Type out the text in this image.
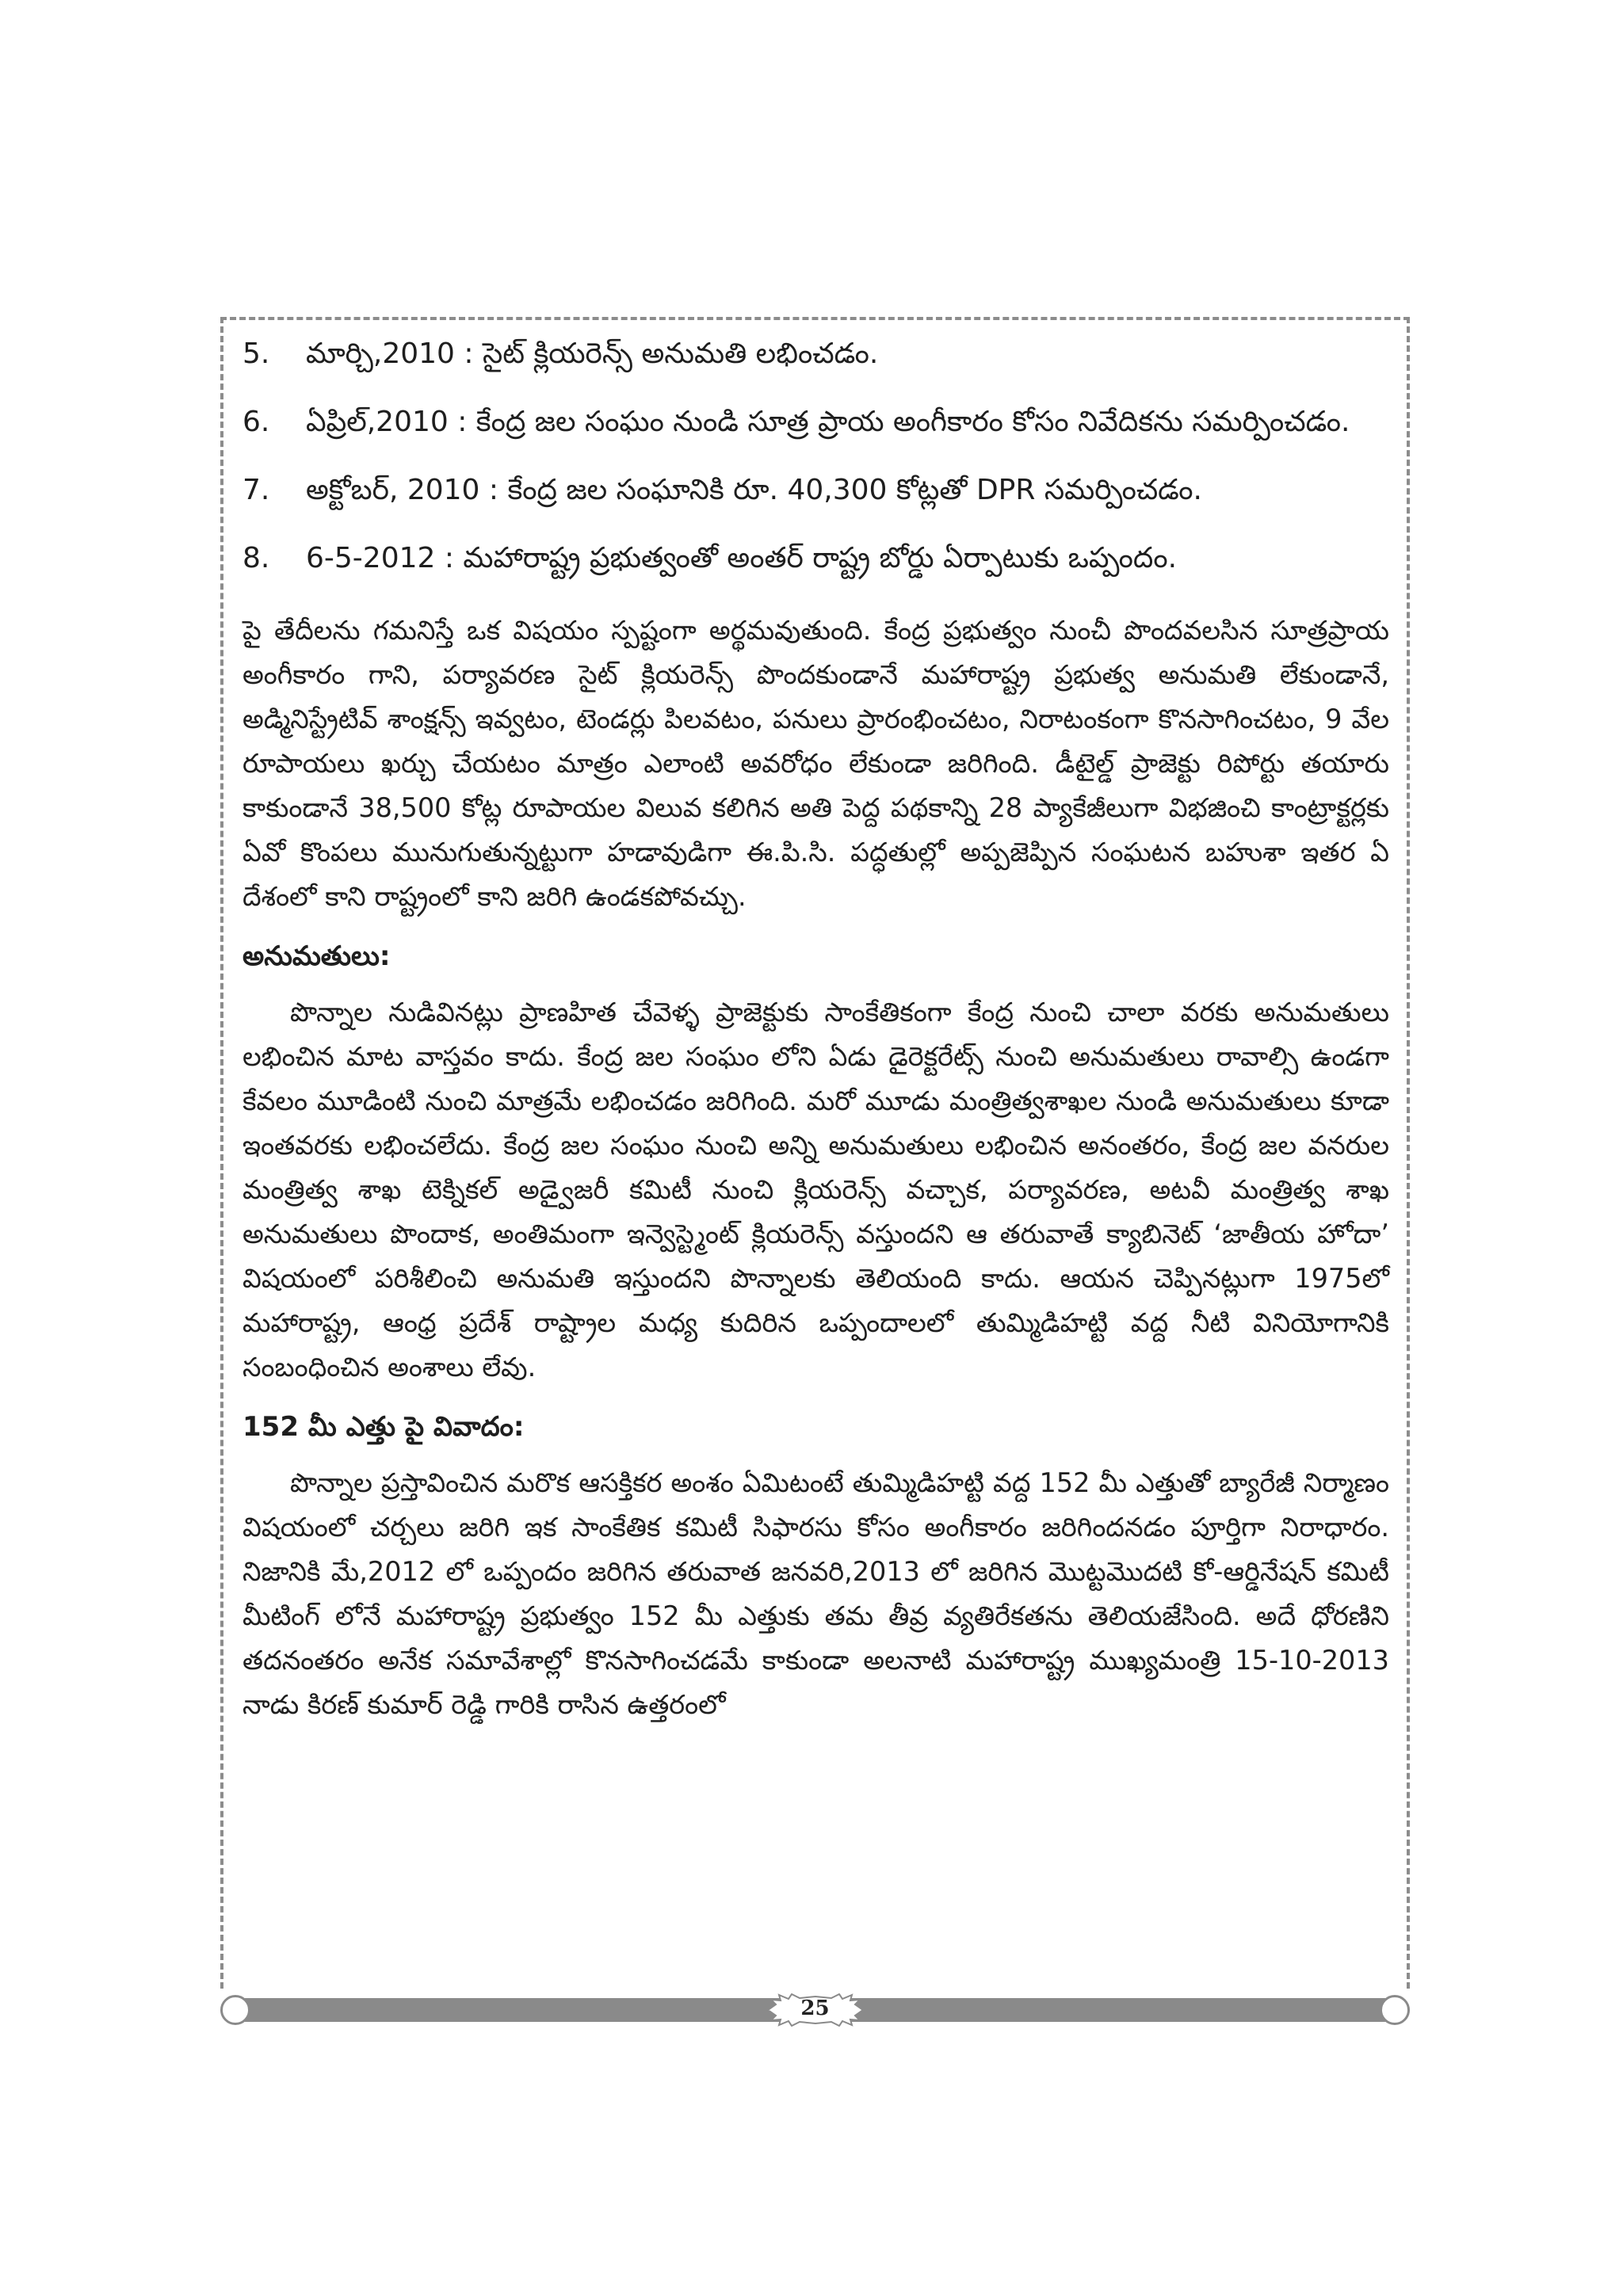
5.	మార్చి,2010 : సైట్ క్లియరెన్స్ అనుమతి లభించడం.
6.	ఏప్రిల్,2010 : కేంద్ర జల సంఘం నుండి సూత్ర ప్రాయ అంగీకారం కోసం నివేదికను సమర్పించడం.
7.	అక్టోబర్, 2010 : కేంద్ర జల సంఘానికి రూ. 40,300 కోట్లతో DPR సమర్పించడం.
8.	6-5-2012 : మహారాష్ట్ర ప్రభుత్వంతో అంతర్ రాష్ట్ర బోర్డు ఏర్పాటుకు ఒప్పందం.

పై తేదీలను గమనిస్తే ఒక విషయం స్పష్టంగా అర్థమవుతుంది. కేంద్ర ప్రభుత్వం నుంచీ పొందవలసిన సూత్రప్రాయ అంగీకారం గాని, పర్యావరణ సైట్ క్లియరెన్స్ పొందకుండానే మహారాష్ట్ర ప్రభుత్వ అనుమతి లేకుండానే, అడ్మినిస్ట్రేటివ్ శాంక్షన్స్ ఇవ్వటం, టెండర్లు పిలవటం, పనులు ప్రారంభించటం, నిరాటంకంగా కొనసాగించటం, 9 వేల రూపాయలు ఖర్చు చేయటం మాత్రం ఎలాంటి అవరోధం లేకుండా జరిగింది. డీటైల్డ్ ప్రాజెక్టు రిపోర్టు తయారు కాకుండానే 38,500 కోట్ల రూపాయల విలువ కలిగిన అతి పెద్ద పథకాన్ని 28 ప్యాకేజీలుగా విభజించి కాంట్రాక్టర్లకు ఏవో కొంపలు మునుగుతున్నట్టుగా హడావుడిగా ఈ.పి.సి. పద్ధతుల్లో అప్పజెప్పిన సంఘటన బహుశా ఇతర ఏ దేశంలో కాని రాష్ట్రంలో కాని జరిగి ఉండకపోవచ్చు.

అనుమతులు:

పొన్నాల నుడివినట్లు ప్రాణహిత చేవెళ్ళ ప్రాజెక్టుకు సాంకేతికంగా కేంద్ర నుంచి చాలా వరకు అనుమతులు లభించిన మాట వాస్తవం కాదు. కేంద్ర జల సంఘం లోని ఏడు డైరెక్టరేట్స్ నుంచి అనుమతులు రావాల్సి ఉండగా కేవలం మూడింటి నుంచి మాత్రమే లభించడం జరిగింది. మరో మూడు మంత్రిత్వశాఖల నుండి అనుమతులు కూడా ఇంతవరకు లభించలేదు. కేంద్ర జల సంఘం నుంచి అన్ని అనుమతులు లభించిన అనంతరం, కేంద్ర జల వనరుల మంత్రిత్వ శాఖ టెక్నికల్ అడ్వైజరీ కమిటీ నుంచి క్లియరెన్స్ వచ్చాక, పర్యావరణ, అటవీ మంత్రిత్వ శాఖ అనుమతులు పొందాక, అంతిమంగా ఇన్వెస్ట్మెంట్ క్లియరెన్స్ వస్తుందని ఆ తరువాతే క్యాబినెట్ ‘జాతీయ హోదా’ విషయంలో పరిశీలించి అనుమతి ఇస్తుందని పొన్నాలకు తెలియంది కాదు. ఆయన చెప్పినట్లుగా 1975లో మహారాష్ట్ర, ఆంధ్ర ప్రదేశ్ రాష్ట్రాల మధ్య కుదిరిన ఒప్పందాలలో తుమ్మిడిహట్టి వద్ద నీటి వినియోగానికి సంబంధించిన అంశాలు లేవు.

152 మీ ఎత్తు పై వివాదం:

పొన్నాల ప్రస్తావించిన మరొక ఆసక్తికర అంశం ఏమిటంటే తుమ్మిడిహట్టి వద్ద 152 మీ ఎత్తుతో బ్యారేజీ నిర్మాణం విషయంలో చర్చలు జరిగి ఇక సాంకేతిక కమిటీ సిఫారసు కోసం అంగీకారం జరిగిందనడం పూర్తిగా నిరాధారం. నిజానికి మే,2012 లో ఒప్పందం జరిగిన తరువాత జనవరి,2013 లో జరిగిన మొట్టమొదటి కో-ఆర్డినేషన్ కమిటీ మీటింగ్ లోనే మహారాష్ట్ర ప్రభుత్వం 152 మీ ఎత్తుకు తమ తీవ్ర వ్యతిరేకతను తెలియజేసింది. అదే ధోరణిని తదనంతరం అనేక సమావేశాల్లో కొనసాగించడమే కాకుండా అలనాటి మహారాష్ట్ర ముఖ్యమంత్రి 15-10-2013 నాడు కిరణ్ కుమార్ రెడ్డి గారికి రాసిన ఉత్తరంలో

25
